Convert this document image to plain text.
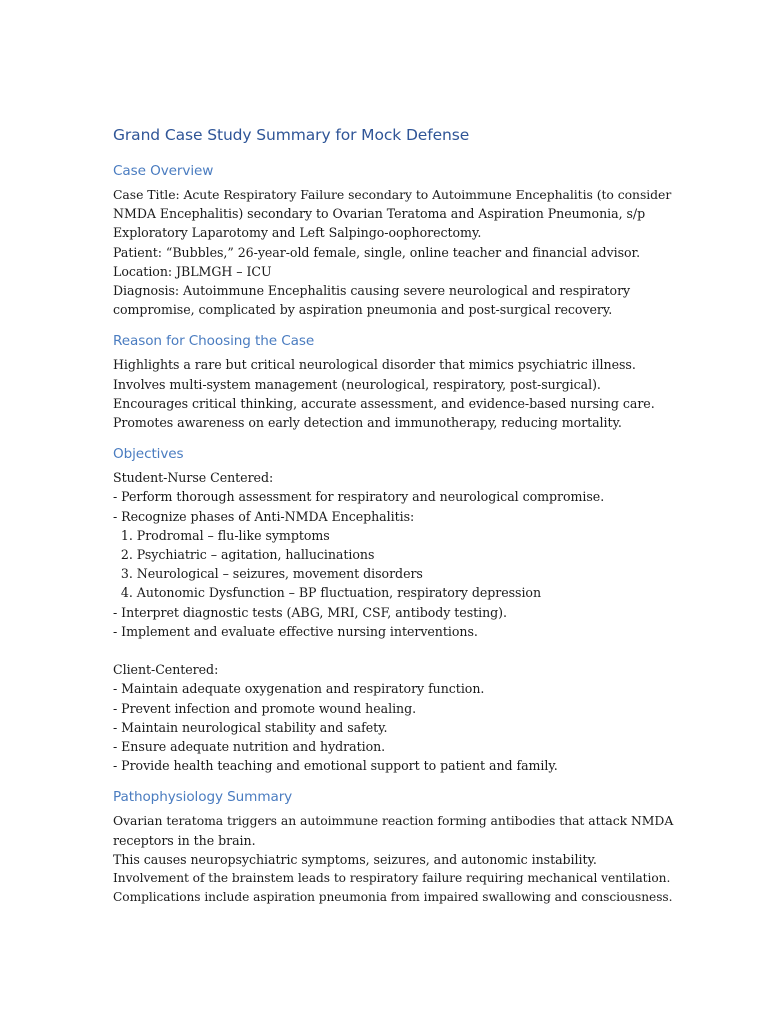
Grand Case Study Summary for Mock Defense
Case Overview
Case Title: Acute Respiratory Failure secondary to Autoimmune Encephalitis (to consider
NMDA Encephalitis) secondary to Ovarian Teratoma and Aspiration Pneumonia, s/p
Exploratory Laparotomy and Left Salpingo-oophorectomy.
Patient: “Bubbles,” 26-year-old female, single, online teacher and financial advisor.
Location: JBLMGH – ICU
Diagnosis: Autoimmune Encephalitis causing severe neurological and respiratory
compromise, complicated by aspiration pneumonia and post-surgical recovery.
Reason for Choosing the Case
Highlights a rare but critical neurological disorder that mimics psychiatric illness.
Involves multi-system management (neurological, respiratory, post-surgical).
Encourages critical thinking, accurate assessment, and evidence-based nursing care.
Promotes awareness on early detection and immunotherapy, reducing mortality.
Objectives
Student-Nurse Centered:
- Perform thorough assessment for respiratory and neurological compromise.
- Recognize phases of Anti-NMDA Encephalitis:
1. Prodromal – flu-like symptoms
2. Psychiatric – agitation, hallucinations
3. Neurological – seizures, movement disorders
4. Autonomic Dysfunction – BP fluctuation, respiratory depression
- Interpret diagnostic tests (ABG, MRI, CSF, antibody testing).
- Implement and evaluate effective nursing interventions.
Client-Centered:
- Maintain adequate oxygenation and respiratory function.
- Prevent infection and promote wound healing.
- Maintain neurological stability and safety.
- Ensure adequate nutrition and hydration.
- Provide health teaching and emotional support to patient and family.
Pathophysiology Summary
Ovarian teratoma triggers an autoimmune reaction forming antibodies that attack NMDA
receptors in the brain.
This causes neuropsychiatric symptoms, seizures, and autonomic instability.
Involvement of the brainstem leads to respiratory failure requiring mechanical ventilation.
Complications include aspiration pneumonia from impaired swallowing and consciousness.
